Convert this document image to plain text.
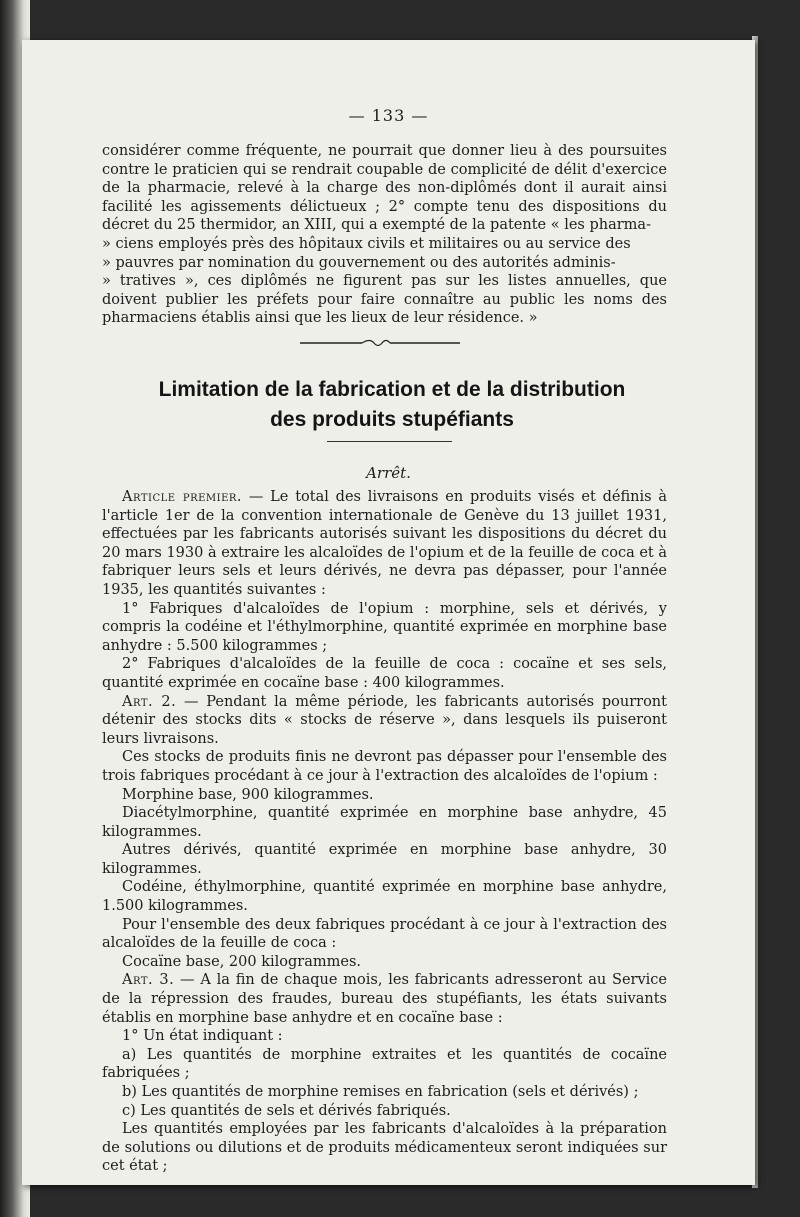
— 133 —

considérer comme fréquente, ne pourrait que donner lieu à des poursuites contre le praticien qui se rendrait coupable de complicité de délit d'exercice de la pharmacie, relevé à la charge des non-diplômés dont il aurait ainsi facilité les agissements délictueux ; 2° compte tenu des dispositions du décret du 25 thermidor, an XIII, qui a exempté de la patente « les pharma-

» ciens employés près des hôpitaux civils et militaires ou au service des

» pauvres par nomination du gouvernement ou des autorités adminis-

» tratives », ces diplômés ne figurent pas sur les listes annuelles, que doivent publier les préfets pour faire connaître au public les noms des pharmaciens établis ainsi que les lieux de leur résidence. »

Limitation de la fabrication et de la distribution
des produits stupéfiants
Arrêt.

Article premier. — Le total des livraisons en produits visés et définis à l'article 1er de la convention internationale de Genève du 13 juillet 1931, effectuées par les fabricants autorisés suivant les dispositions du décret du 20 mars 1930 à extraire les alcaloïdes de l'opium et de la feuille de coca et à fabriquer leurs sels et leurs dérivés, ne devra pas dépasser, pour l'année 1935, les quantités suivantes :

1° Fabriques d'alcaloïdes de l'opium : morphine, sels et dérivés, y compris la codéine et l'éthylmorphine, quantité exprimée en morphine base anhydre : 5.500 kilogrammes ;

2° Fabriques d'alcaloïdes de la feuille de coca : cocaïne et ses sels, quantité exprimée en cocaïne base : 400 kilogrammes.

Art. 2. — Pendant la même période, les fabricants autorisés pourront détenir des stocks dits « stocks de réserve », dans lesquels ils puiseront leurs livraisons.

Ces stocks de produits finis ne devront pas dépasser pour l'ensemble des trois fabriques procédant à ce jour à l'extraction des alcaloïdes de l'opium :

Morphine base, 900 kilogrammes.

Diacétylmorphine, quantité exprimée en morphine base anhydre, 45 kilogrammes.

Autres dérivés, quantité exprimée en morphine base anhydre, 30 kilogrammes.

Codéine, éthylmorphine, quantité exprimée en morphine base anhydre, 1.500 kilogrammes.

Pour l'ensemble des deux fabriques procédant à ce jour à l'extraction des alcaloïdes de la feuille de coca :

Cocaïne base, 200 kilogrammes.

Art. 3. — A la fin de chaque mois, les fabricants adresseront au Service de la répression des fraudes, bureau des stupéfiants, les états suivants établis en morphine base anhydre et en cocaïne base :

1° Un état indiquant :

a) Les quantités de morphine extraites et les quantités de cocaïne fabriquées ;

b) Les quantités de morphine remises en fabrication (sels et dérivés) ;

c) Les quantités de sels et dérivés fabriqués.

Les quantités employées par les fabricants d'alcaloïdes à la préparation de solutions ou dilutions et de produits médicamenteux seront indiquées sur cet état ;
